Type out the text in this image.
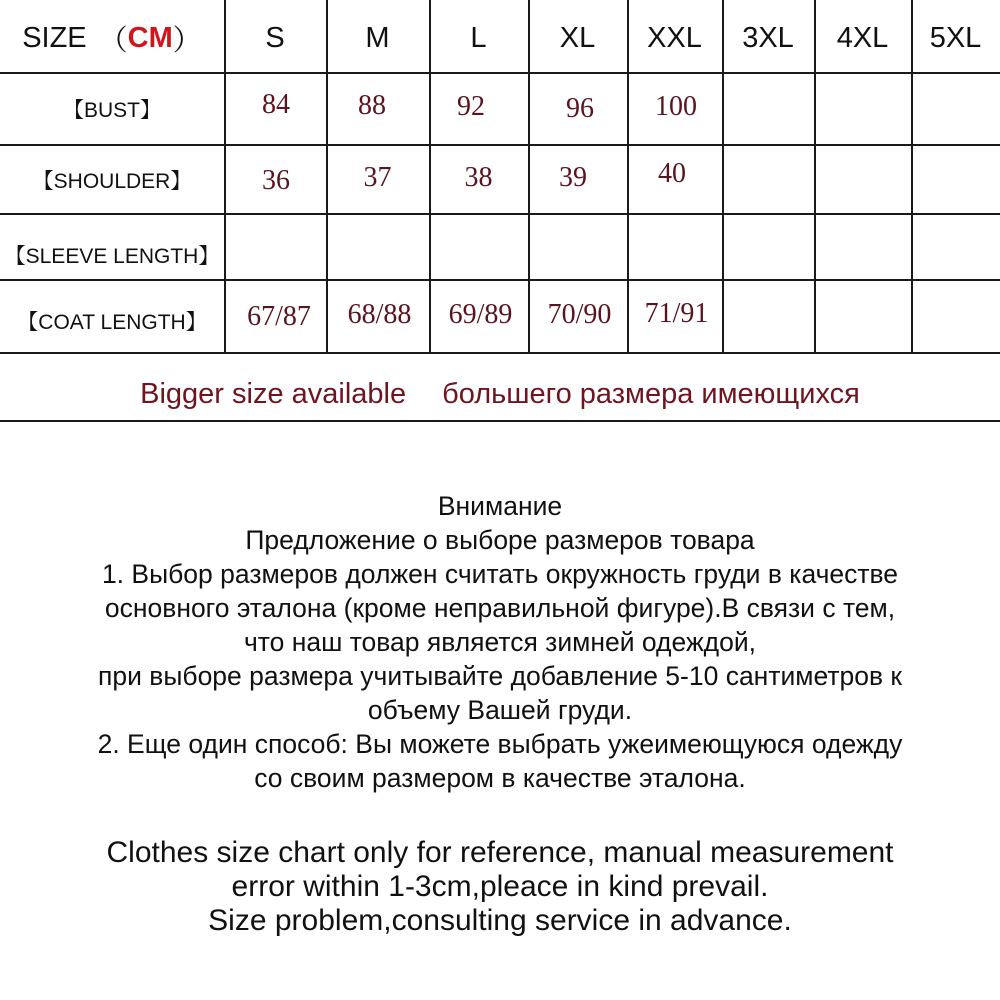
SIZE （ CM ）	S	M	L	XL	XXL	3XL	4XL	5XL
【BUST】	84	88	92	96	100
【SHOULDER】	36	37	38	39	40
【SLEEVE LENGTH】
【COAT LENGTH】	67/87	68/88	69/89	70/90	71/91
Bigger size available большего размера имеющихся
Внимание
Предложение о выборе размеров товара
1. Выбор размеров должен считать окружность груди в качестве
основного эталона (кроме неправильной фигуре).В связи с тем,
что наш товар является зимней одеждой,
при выборе размера учитывайте добавление 5-10 сантиметров к
объему Вашей груди.
2. Еще один способ: Вы можете выбрать ужеимеющуюся одежду
со своим размером в качестве эталона.
Clothes size chart only for reference, manual measurement
error within 1-3cm,pleace in kind prevail.
Size problem,consulting service in advance.
